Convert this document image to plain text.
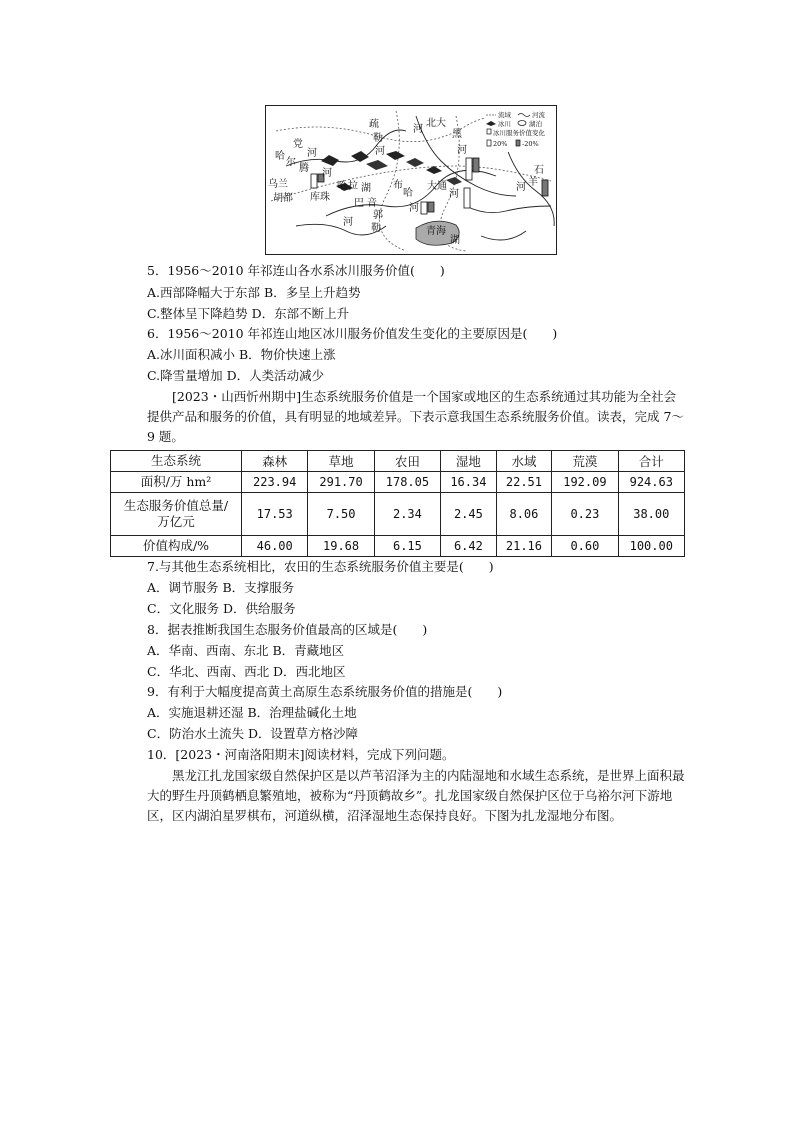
流域	河流
冰川	湖泊
冰川服务价值变化
20% -20%
疏
勒
河
北大
河	黑
河
党
河
哈
尔
腾 河
乌兰
胡都 库珠
哈 拉 湖 布
哈
河
大通
河
石
羊
河
巴 音
郭
勒
河
青海
湖
5．1956～2010 年祁连山各水系冰川服务价值(　　)
A.西部降幅大于东部 B．多呈上升趋势
C.整体呈下降趋势 D．东部不断上升
6．1956～2010 年祁连山地区冰川服务价值发生变化的主要原因是(　　)
A.冰川面积减小 B．物价快速上涨
C.降雪量增加 D．人类活动减少
[2023・山西忻州期中]生态系统服务价值是一个国家或地区的生态系统通过其功能为全社会提供产品和服务的价值，具有明显的地域差异。下表示意我国生态系统服务价值。读表，完成 7～9 题。
生态系统	森林	草地	农田	湿地	水域	荒漠	合计
面积/万 hm²	223.94	291.70	178.05	16.34	22.51	192.09	924.63
生态服务价值总量/
万亿元	17.53	7.50	2.34	2.45	8.06	0.23	38.00
价值构成/%	46.00	19.68	6.15	6.42	21.16	0.60	100.00
7.与其他生态系统相比，农田的生态系统服务价值主要是(　　)
A．调节服务 B．支撑服务
C．文化服务 D．供给服务
8．据表推断我国生态服务价值最高的区域是(　　)
A．华南、西南、东北 B．青藏地区
C．华北、西南、西北 D．西北地区
9．有利于大幅度提高黄土高原生态系统服务价值的措施是(　　)
A．实施退耕还湿 B．治理盐碱化土地
C．防治水土流失 D．设置草方格沙障
10．[2023・河南洛阳期末]阅读材料，完成下列问题。
黑龙江扎龙国家级自然保护区是以芦苇沼泽为主的内陆湿地和水域生态系统，是世界上面积最大的野生丹顶鹤栖息繁殖地，被称为“丹顶鹤故乡”。扎龙国家级自然保护区位于乌裕尔河下游地区，区内湖泊星罗棋布，河道纵横，沼泽湿地生态保持良好。下图为扎龙湿地分布图。
